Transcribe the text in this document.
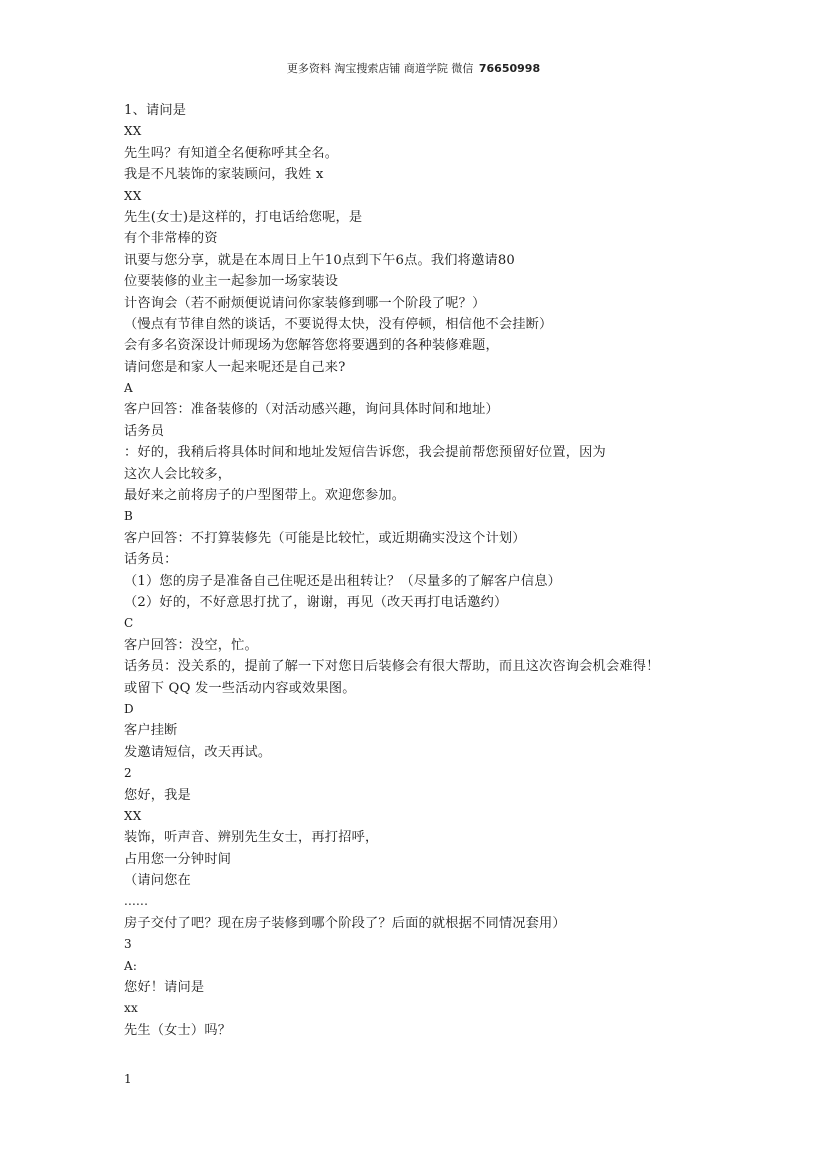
更多资料 淘宝搜索店铺 商道学院 微信 76650998
1、请问是
XX
先生吗？有知道全名便称呼其全名。
我是不凡装饰的家装顾问，我姓 x
XX
先生(女士)是这样的，打电话给您呢，是
有个非常棒的资
讯要与您分享，就是在本周日上午10点到下午6点。我们将邀请80
位要装修的业主一起参加一场家装设
计咨询会（若不耐烦便说请问你家装修到哪一个阶段了呢？）
（慢点有节律自然的谈话，不要说得太快，没有停顿，相信他不会挂断）
会有多名资深设计师现场为您解答您将要遇到的各种装修难题，
请问您是和家人一起来呢还是自己来?
A
客户回答：准备装修的（对活动感兴趣，询问具体时间和地址）
话务员
：好的，我稍后将具体时间和地址发短信告诉您，我会提前帮您预留好位置，因为
这次人会比较多，
最好来之前将房子的户型图带上。欢迎您参加。
B
客户回答：不打算装修先（可能是比较忙，或近期确实没这个计划）
话务员：
（1）您的房子是准备自己住呢还是出租转让？（尽量多的了解客户信息）
（2）好的，不好意思打扰了，谢谢，再见（改天再打电话邀约）
C
客户回答：没空，忙。
话务员：没关系的，提前了解一下对您日后装修会有很大帮助，而且这次咨询会机会难得！
或留下 QQ 发一些活动内容或效果图。
D
客户挂断
发邀请短信，改天再试。
2
您好，我是
XX
装饰，听声音、辨别先生女士，再打招呼，
占用您一分钟时间
（请问您在
......
房子交付了吧？现在房子装修到哪个阶段了？后面的就根据不同情况套用）
3
A:
您好！请问是
xx
先生（女士）吗？
1
